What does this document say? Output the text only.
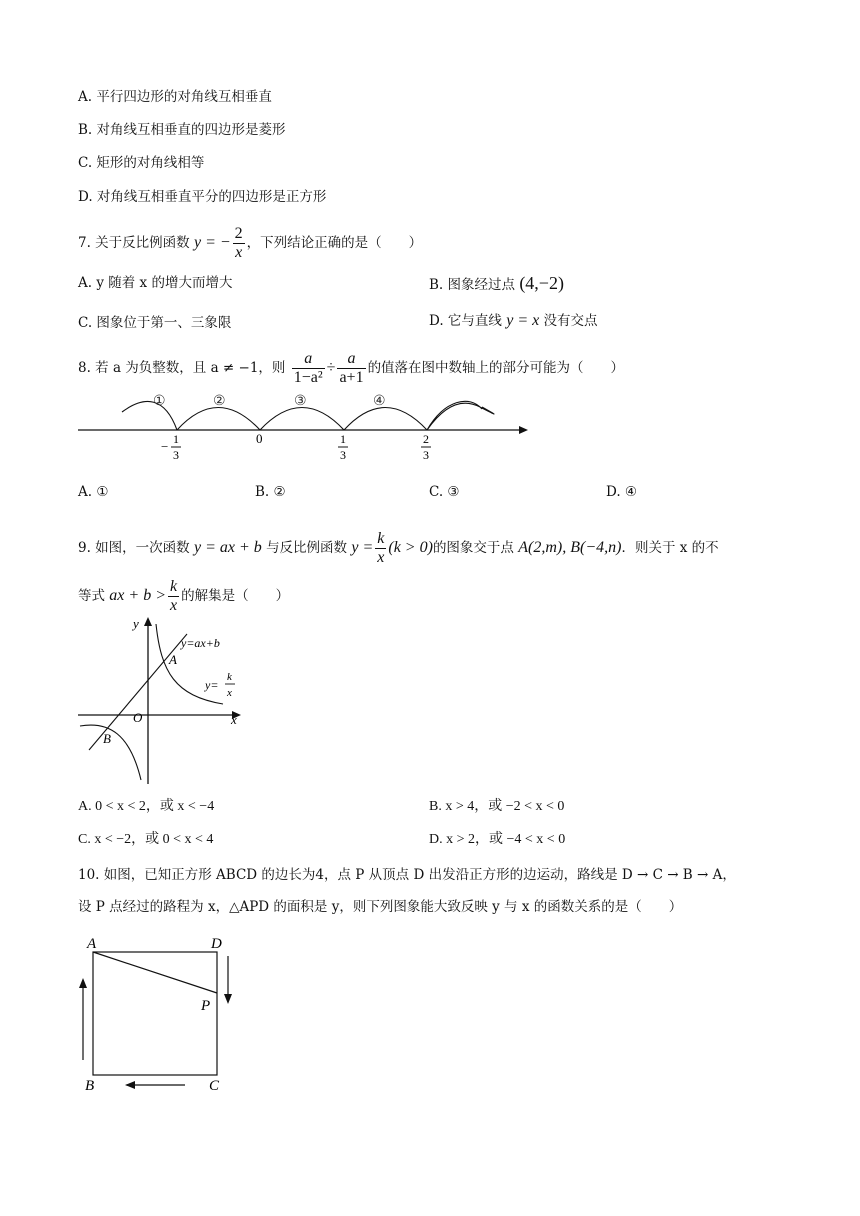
A. 平行四边形的对角线互相垂直
B. 对角线互相垂直的四边形是菱形
C. 矩形的对角线相等
D. 对角线互相垂直平分的四边形是正方形
7. 关于反比例函数 y = − $\frac{2}{x}$ ，下列结论正确的是（　　）
A. y 随着 x 的增大而增大	B. 图象经过点 (4,−2)
C. 图象位于第一、三象限	D. 它与直线 y = x 没有交点
8. 若 a 为负整数，且 a ≠ −1，则 $\frac{a}{\text{1−a²}} \div \frac{a}{a+1}$ 的值落在图中数轴上的部分可能为（　　）
①	②	③	④
− 1
3
0	1
3
2
3
A. ①	B. ②	C. ③	D. ④
9. 如图，一次函数 y = ax + b 与反比例函数 $y = \frac{k}{x} (k > 0)$的图象交于点 A(2,m), B(−4,n)．则关于 x 的不
等式 ax + $b > \frac{k}{x}$ 的解集是（　　）
y
x
O
A
B
y=ax+b
y=
k
x
A. 0 < x < 2，或 x < −4	B. x > 4，或 −2 < x < 0
C. x < −2，或 0 < x < 4	D. x > 2，或 −4 < x < 0
10. 如图，已知正方形 ABCD 的边长为4，点 P 从顶点 D 出发沿正方形的边运动，路线是 D → C → B → A，
设 P 点经过的路程为 x，△APD 的面积是 y，则下列图象能大致反映 y 与 x 的函数关系的是（　　）
A	D
B	C
P
